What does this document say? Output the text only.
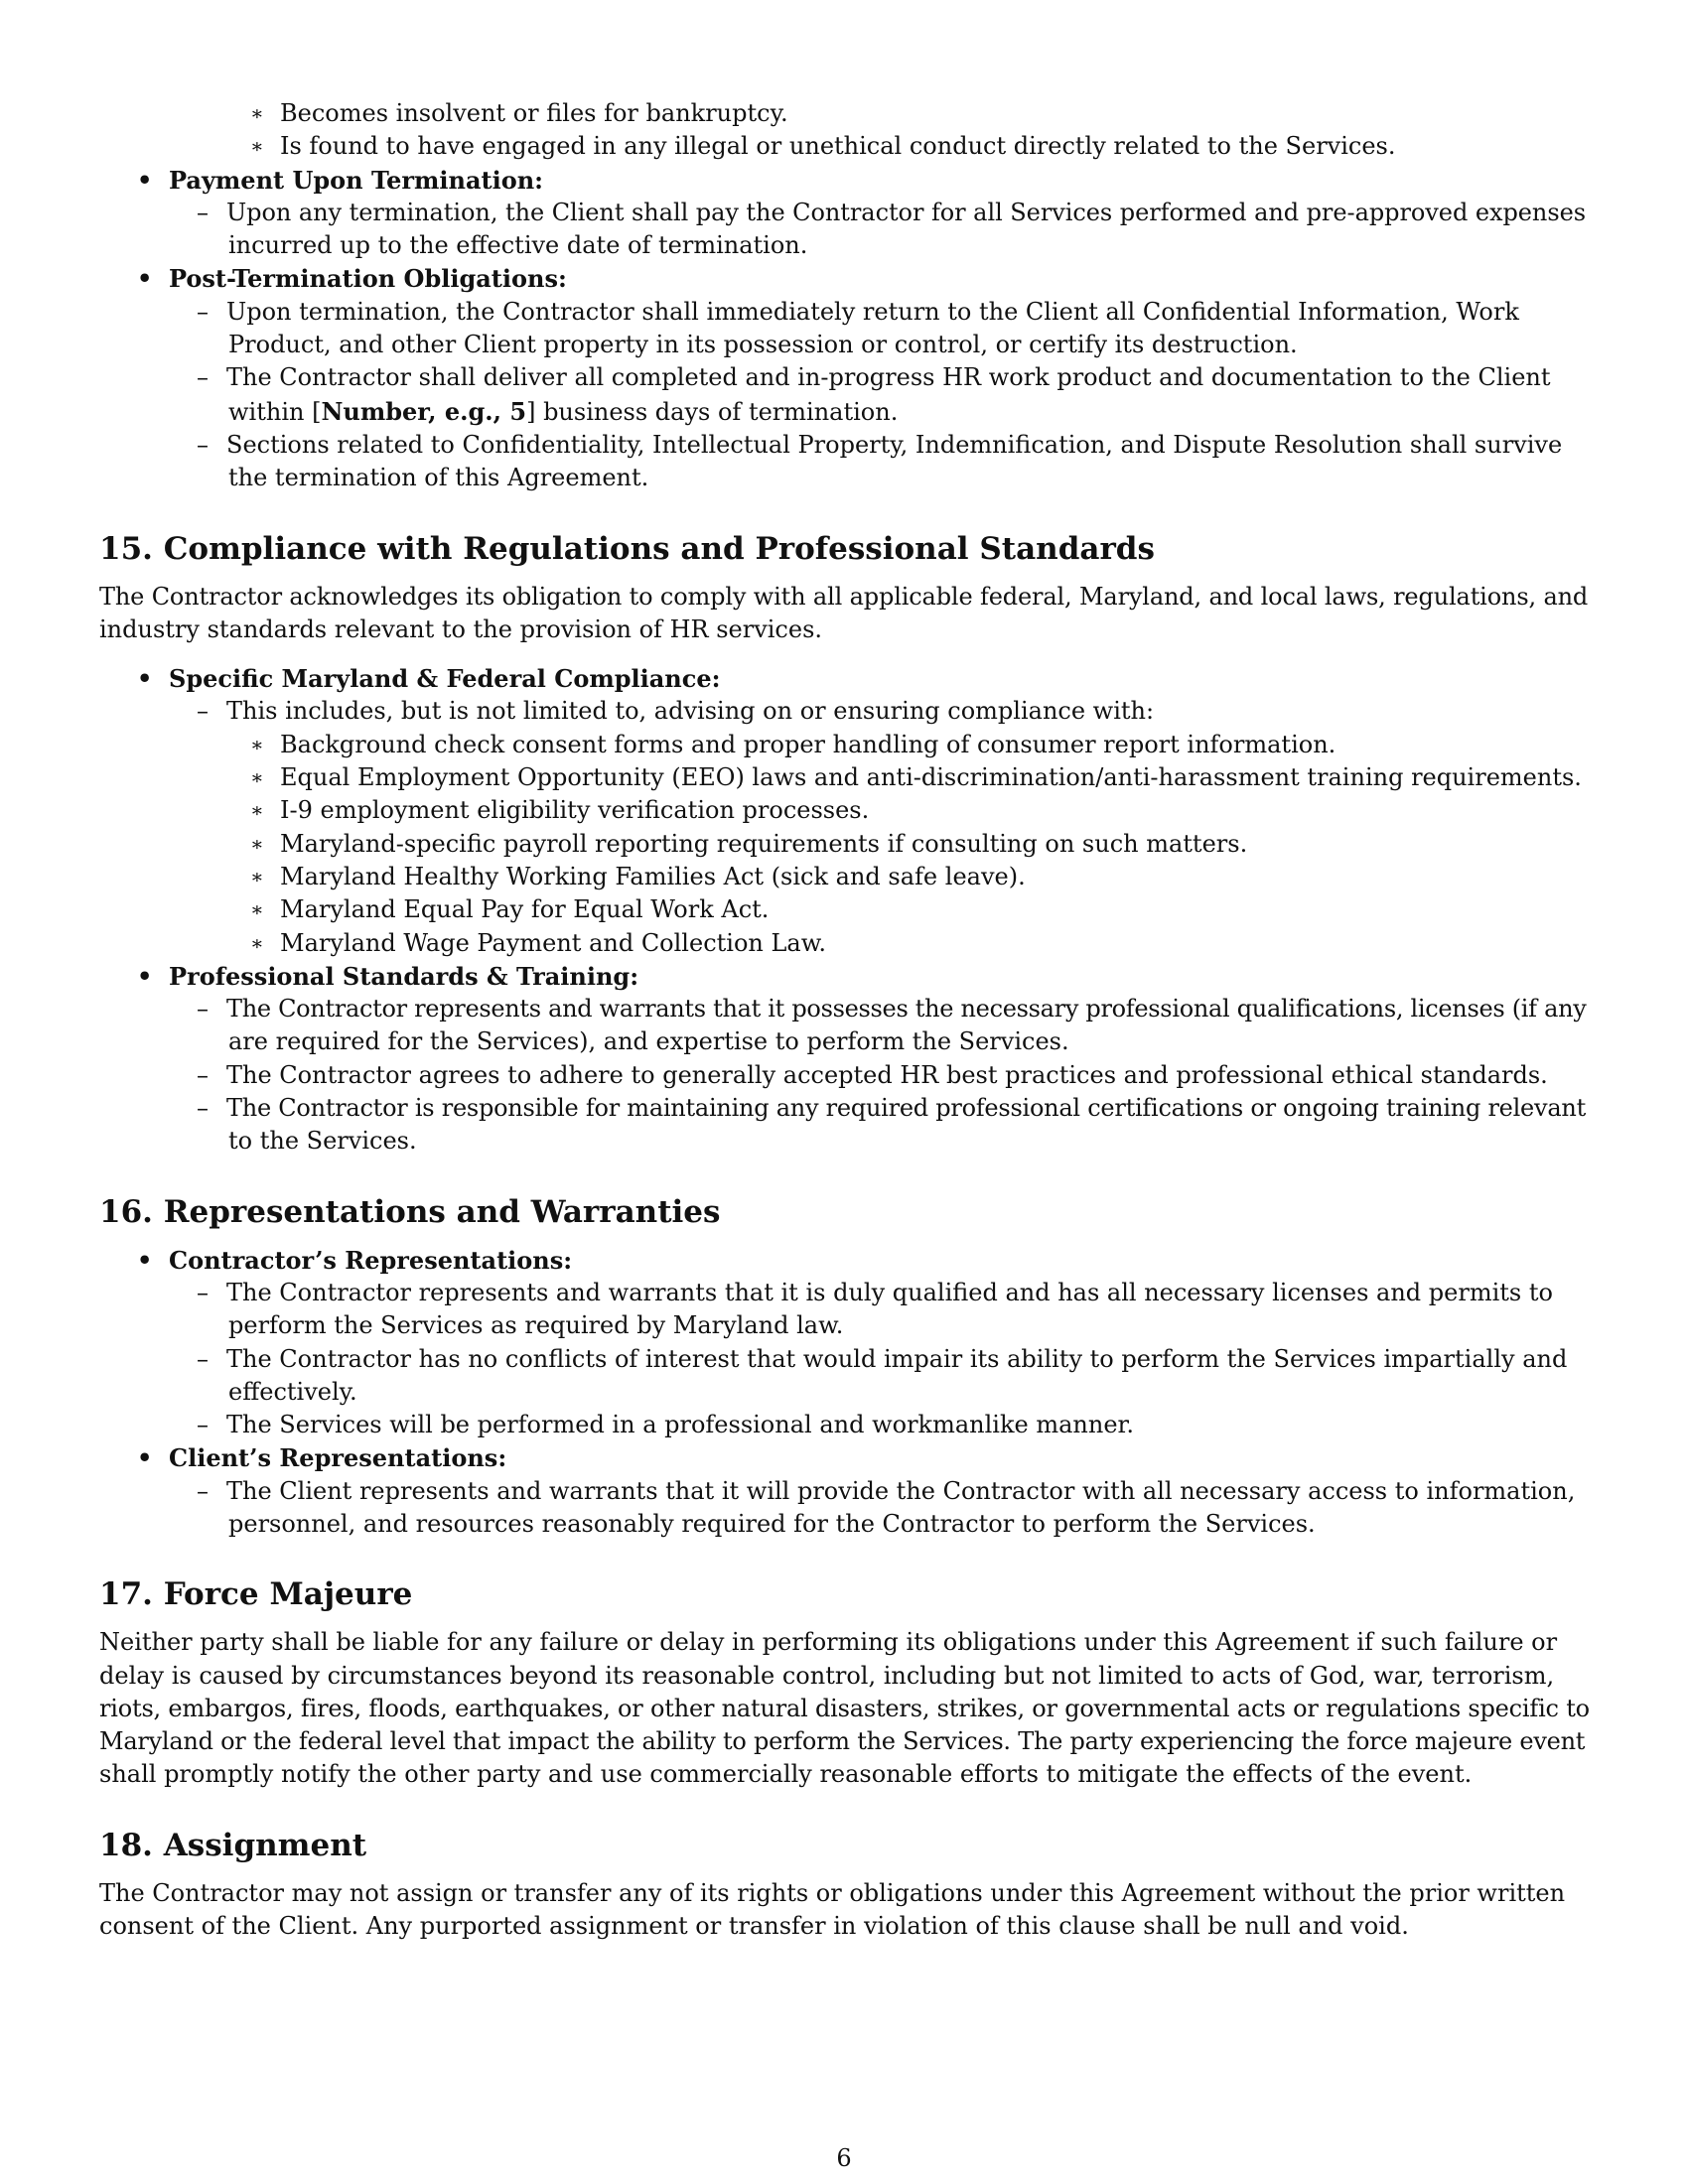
∗ Becomes insolvent or files for bankruptcy.
∗ Is found to have engaged in any illegal or unethical conduct directly related to the Services.
• Payment Upon Termination:
– Upon any termination, the Client shall pay the Contractor for all Services performed and pre-approved expenses
incurred up to the effective date of termination.
• Post-Termination Obligations:
– Upon termination, the Contractor shall immediately return to the Client all Confidential Information, Work
Product, and other Client property in its possession or control, or certify its destruction.
– The Contractor shall deliver all completed and in-progress HR work product and documentation to the Client
within [Number, e.g., 5] business days of termination.
– Sections related to Confidentiality, Intellectual Property, Indemnification, and Dispute Resolution shall survive
the termination of this Agreement.
15. Compliance with Regulations and Professional Standards
The Contractor acknowledges its obligation to comply with all applicable federal, Maryland, and local laws, regulations, and
industry standards relevant to the provision of HR services.
• Specific Maryland & Federal Compliance:
– This includes, but is not limited to, advising on or ensuring compliance with:
∗ Background check consent forms and proper handling of consumer report information.
∗ Equal Employment Opportunity (EEO) laws and anti-discrimination/anti-harassment training requirements.
∗ I-9 employment eligibility verification processes.
∗ Maryland-specific payroll reporting requirements if consulting on such matters.
∗ Maryland Healthy Working Families Act (sick and safe leave).
∗ Maryland Equal Pay for Equal Work Act.
∗ Maryland Wage Payment and Collection Law.
• Professional Standards & Training:
– The Contractor represents and warrants that it possesses the necessary professional qualifications, licenses (if any
are required for the Services), and expertise to perform the Services.
– The Contractor agrees to adhere to generally accepted HR best practices and professional ethical standards.
– The Contractor is responsible for maintaining any required professional certifications or ongoing training relevant
to the Services.
16. Representations and Warranties
• Contractor’s Representations:
– The Contractor represents and warrants that it is duly qualified and has all necessary licenses and permits to
perform the Services as required by Maryland law.
– The Contractor has no conflicts of interest that would impair its ability to perform the Services impartially and
effectively.
– The Services will be performed in a professional and workmanlike manner.
• Client’s Representations:
– The Client represents and warrants that it will provide the Contractor with all necessary access to information,
personnel, and resources reasonably required for the Contractor to perform the Services.
17. Force Majeure
Neither party shall be liable for any failure or delay in performing its obligations under this Agreement if such failure or
delay is caused by circumstances beyond its reasonable control, including but not limited to acts of God, war, terrorism,
riots, embargos, fires, floods, earthquakes, or other natural disasters, strikes, or governmental acts or regulations specific to
Maryland or the federal level that impact the ability to perform the Services. The party experiencing the force majeure event
shall promptly notify the other party and use commercially reasonable efforts to mitigate the effects of the event.
18. Assignment
The Contractor may not assign or transfer any of its rights or obligations under this Agreement without the prior written
consent of the Client. Any purported assignment or transfer in violation of this clause shall be null and void.
6
